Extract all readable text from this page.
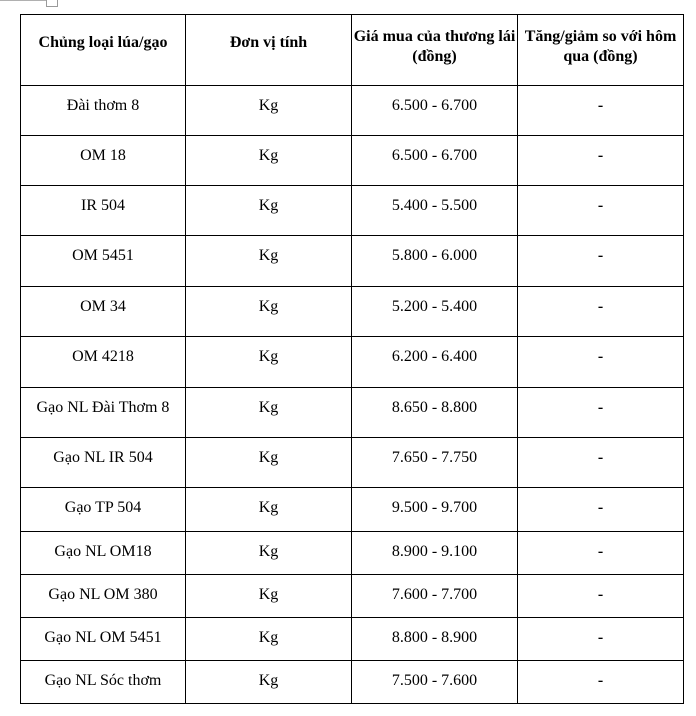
Chủng loại lúa/gạo	Đơn vị tính	Giá mua của thương lái (đồng)	Tăng/giảm so với hôm qua (đồng)
Đài thơm 8	Kg	6.500 - 6.700	-
OM 18	Kg	6.500 - 6.700	-
IR 504	Kg	5.400 - 5.500	-
OM 5451	Kg	5.800 - 6.000	-
OM 34	Kg	5.200 - 5.400	-
OM 4218	Kg	6.200 - 6.400	-
Gạo NL Đài Thơm 8	Kg	8.650 - 8.800	-
Gạo NL IR 504	Kg	7.650 - 7.750	-
Gạo TP 504	Kg	9.500 - 9.700	-
Gạo NL OM18	Kg	8.900 - 9.100	-
Gạo NL OM 380	Kg	7.600 - 7.700	-
Gạo NL OM 5451	Kg	8.800 - 8.900	-
Gạo NL Sóc thơm	Kg	7.500 - 7.600	-
